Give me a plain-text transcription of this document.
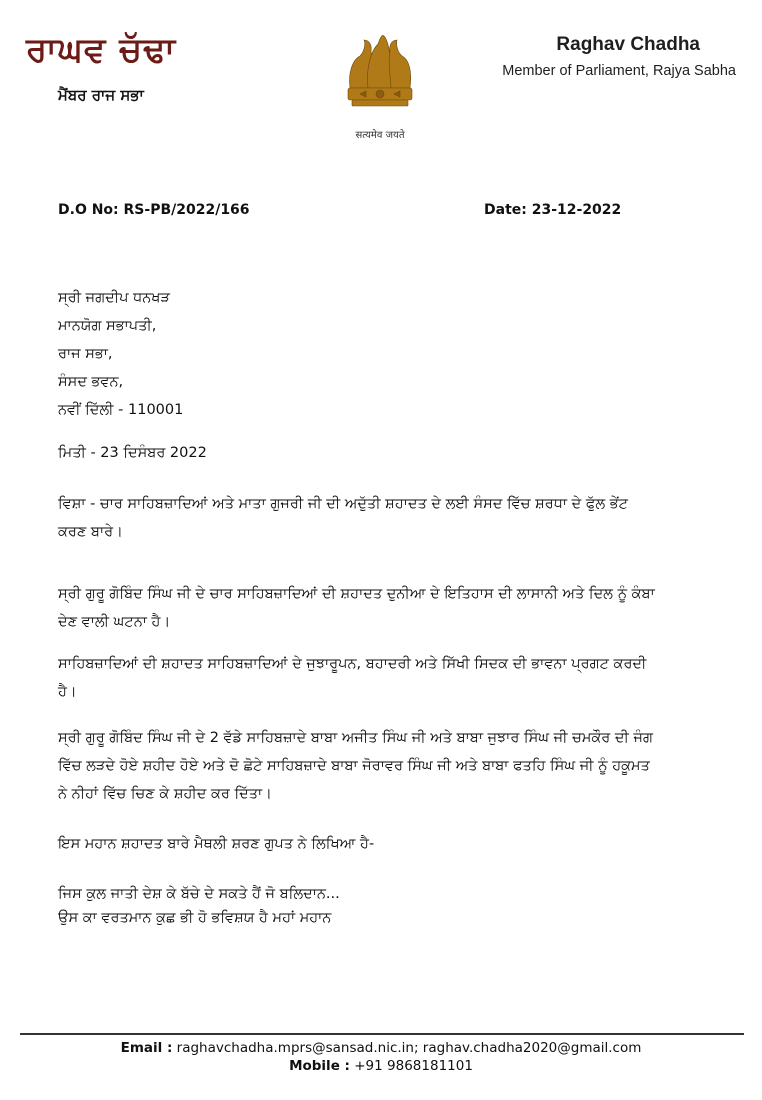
ਰਾਘਵ ਚੱਢਾ
ਮੈਂਬਰ ਰਾਜ ਸਭਾ
सत्यमेव जयते
Raghav Chadha
Member of Parliament, Rajya Sabha
D.O No: RS-PB/2022/166	Date: 23-12-2022
ਸ੍ਰੀ ਜਗਦੀਪ ਧਨਖੜ
ਮਾਨਯੋਗ ਸਭਾਪਤੀ,
ਰਾਜ ਸਭਾ,
ਸੰਸਦ ਭਵਨ,
ਨਵੀਂ ਦਿੱਲੀ - 110001
ਮਿਤੀ - 23 ਦਿਸੰਬਰ 2022
ਵਿਸ਼ਾ - ਚਾਰ ਸਾਹਿਬਜ਼ਾਦਿਆਂ ਅਤੇ ਮਾਤਾ ਗੁਜਰੀ ਜੀ ਦੀ ਅਦੁੱਤੀ ਸ਼ਹਾਦਤ ਦੇ ਲਈ ਸੰਸਦ ਵਿੱਚ ਸ਼ਰਧਾ ਦੇ ਫੁੱਲ ਭੇਂਟ ਕਰਣ ਬਾਰੇ।
ਸ੍ਰੀ ਗੁਰੂ ਗੋਬਿੰਦ ਸਿੰਘ ਜੀ ਦੇ ਚਾਰ ਸਾਹਿਬਜ਼ਾਦਿਆਂ ਦੀ ਸ਼ਹਾਦਤ ਦੁਨੀਆ ਦੇ ਇਤਿਹਾਸ ਦੀ ਲਾਸਾਨੀ ਅਤੇ ਦਿਲ ਨੂੰ ਕੰਬਾ ਦੇਣ ਵਾਲੀ ਘਟਨਾ ਹੈ।
ਸਾਹਿਬਜ਼ਾਦਿਆਂ ਦੀ ਸ਼ਹਾਦਤ ਸਾਹਿਬਜ਼ਾਦਿਆਂ ਦੇ ਜੁਝਾਰੂਪਨ, ਬਹਾਦਰੀ ਅਤੇ ਸਿੱਖੀ ਸਿਦਕ ਦੀ ਭਾਵਨਾ ਪ੍ਰਗਟ ਕਰਦੀ ਹੈ।
ਸ੍ਰੀ ਗੁਰੂ ਗੋਬਿੰਦ ਸਿੰਘ ਜੀ ਦੇ 2 ਵੱਡੇ ਸਾਹਿਬਜ਼ਾਦੇ ਬਾਬਾ ਅਜੀਤ ਸਿੰਘ ਜੀ ਅਤੇ ਬਾਬਾ ਜੁਝਾਰ ਸਿੰਘ ਜੀ ਚਮਕੌਰ ਦੀ ਜੰਗ ਵਿੱਚ ਲੜਦੇ ਹੋਏ ਸ਼ਹੀਦ ਹੋਏ ਅਤੇ ਦੋ ਛੋਟੇ ਸਾਹਿਬਜ਼ਾਦੇ ਬਾਬਾ ਜੋਰਾਵਰ ਸਿੰਘ ਜੀ ਅਤੇ ਬਾਬਾ ਫਤਹਿ ਸਿੰਘ ਜੀ ਨੂੰ ਹਕੂਮਤ ਨੇ ਨੀਹਾਂ ਵਿੱਚ ਚਿਣ ਕੇ ਸ਼ਹੀਦ ਕਰ ਦਿੱਤਾ।
ਇਸ ਮਹਾਨ ਸ਼ਹਾਦਤ ਬਾਰੇ ਮੈਥਲੀ ਸ਼ਰਣ ਗੁਪਤ ਨੇ ਲਿਖਿਆ ਹੈ-
ਜਿਸ ਕੁਲ ਜਾਤੀ ਦੇਸ਼ ਕੇ ਬੱਚੇ ਦੇ ਸਕਤੇ ਹੈਂ ਜੋ ਬਲਿਦਾਨ...
ਉਸ ਕਾ ਵਰਤਮਾਨ ਕੁਛ ਭੀ ਹੋ ਭਵਿਸ਼ਯ ਹੈ ਮਹਾਂ ਮਹਾਨ
Email : raghavchadha.mprs@sansad.nic.in; raghav.chadha2020@gmail.com
Mobile : +91 9868181101
